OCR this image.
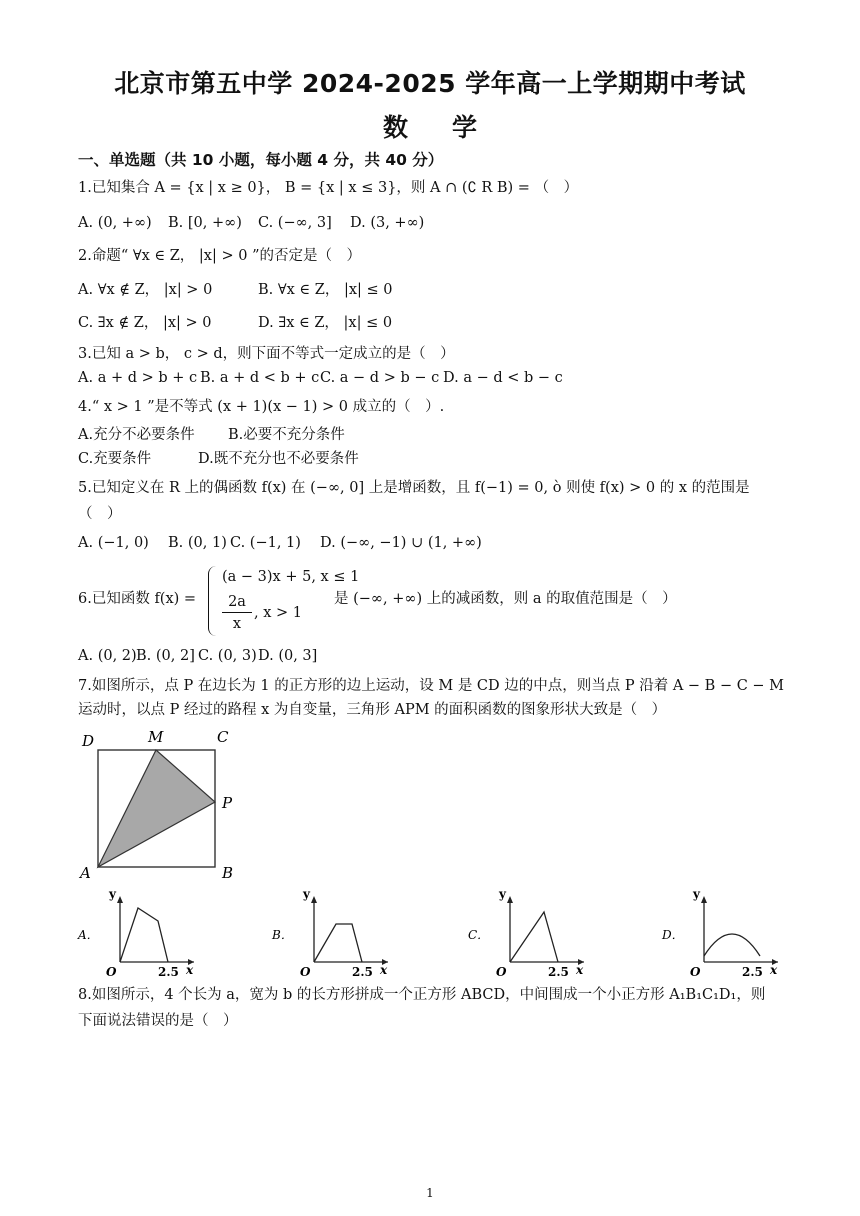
北京市第五中学 2024-2025 学年高一上学期期中考试
数 学
一、单选题（共 10 小题，每小题 4 分，共 40 分）
1.已知集合 A = {x | x ≥ 0}， B = {x | x ≤ 3}，则 A ∩ (∁ R B) = （　）
A. (0, +∞) B. [0, +∞) C. (−∞, 3] D. (3, +∞)
2.命题“ ∀x ∈ Z， |x| > 0 ”的否定是（　）
A. ∀x ∉ Z， |x| > 0	B. ∀x ∈ Z， |x| ≤ 0
C. ∃x ∉ Z， |x| > 0	D. ∃x ∈ Z， |x| ≤ 0
3.已知 a > b， c > d，则下面不等式一定成立的是（　）
A. a + d > b + c B. a + d < b + c C. a − d > b − c D. a − d < b − c
4.“ x > 1 ”是不等式 (x + 1)(x − 1) > 0 成立的（　）.
A.充分不必要条件 B.必要不充分条件
C.充要条件	D.既不充分也不必要条件
5.已知定义在 R 上的偶函数 f(x) 在 (−∞, 0] 上是增函数，且 f(−1) = 0, ò 则使 f(x) > 0 的 x 的范围是
（　）
A. (−1, 0) B. (0, 1) C. (−1, 1) D. (−∞, −1) ∪ (1, +∞)
6.已知函数 f(x) =
(a − 3)x + 5, x ≤ 1
2a
x
, x > 1
是 (−∞, +∞) 上的减函数，则 a 的取值范围是（　）
A. (0, 2) B. (0, 2] C. (0, 3) D. (0, 3]
7.如图所示，点 P 在边长为 1 的正方形的边上运动，设 M 是 CD 边的中点，则当点 P 沿着 A − B − C − M
运动时，以点 P 经过的路程 x 为自变量，三角形 APM 的面积函数的图象形状大致是（　）
D	M	C
P
A	B
A．
y
x
O	2.5
B．
y
x
O	2.5
C．
y
x
O	2.5
D．
y
x
O	2.5
8.如图所示，4 个长为 a，宽为 b 的长方形拼成一个正方形 ABCD，中间围成一个小正方形 A₁B₁C₁D₁，则
下面说法错误的是（　）
1
